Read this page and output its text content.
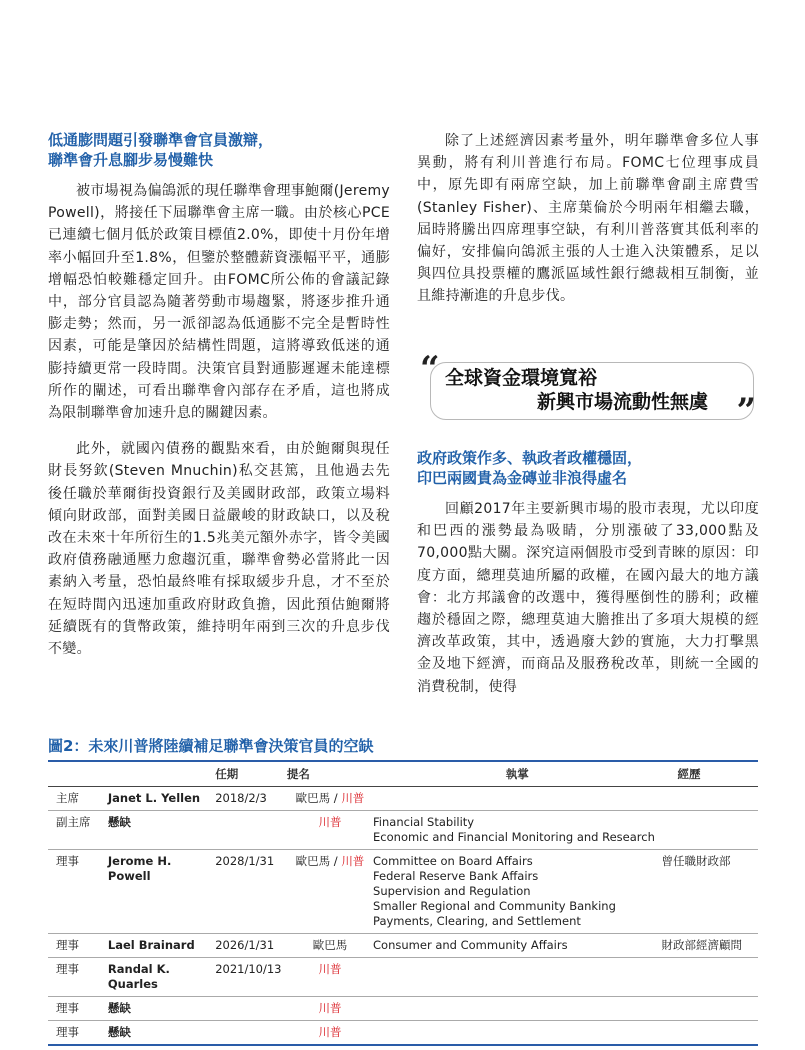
低通膨問題引發聯準會官員激辯，
聯準會升息腳步易慢難快

被市場視為偏鴿派的現任聯準會理事鮑爾(Jeremy Powell)，將接任下屆聯準會主席一職。由於核心PCE已連續七個月低於政策目標值2.0%，即使十月份年增率小幅回升至1.8%，但鑒於整體薪資漲幅平平，通膨增幅恐怕較難穩定回升。由FOMC所公佈的會議記錄中，部分官員認為隨著勞動市場趨緊，將逐步推升通膨走勢；然而，另一派卻認為低通膨不完全是暫時性因素，可能是肇因於結構性問題，這將導致低迷的通膨持續更常一段時間。決策官員對通膨遲遲未能達標所作的闡述，可看出聯準會內部存在矛盾，這也將成為限制聯準會加速升息的關鍵因素。

此外，就國內債務的觀點來看，由於鮑爾與現任財長努欽(Steven Mnuchin)私交甚篤，且他過去先後任職於華爾街投資銀行及美國財政部，政策立場料傾向財政部，面對美國日益嚴峻的財政缺口，以及稅改在未來十年所衍生的1.5兆美元額外赤字，皆令美國政府債務融通壓力愈趨沉重，聯準會勢必當將此一因素納入考量，恐怕最終唯有採取緩步升息，才不至於在短時間內迅速加重政府財政負擔，因此預估鮑爾將延續既有的貨幣政策，維持明年兩到三次的升息步伐不變。

除了上述經濟因素考量外，明年聯準會多位人事異動，將有利川普進行布局。FOMC七位理事成員中，原先即有兩席空缺，加上前聯準會副主席費雪(Stanley Fisher)、主席葉倫於今明兩年相繼去職，屆時將騰出四席理事空缺，有利川普落實其低利率的偏好，安排偏向鴿派主張的人士進入決策體系，足以與四位具投票權的鷹派區域性銀行總裁相互制衡，並且維持漸進的升息步伐。

“ 全球資金環境寬裕
新興市場流動性無虞 ”

政府政策作多、執政者政權穩固，
印巴兩國貴為金磚並非浪得虛名

回顧2017年主要新興市場的股市表現，尤以印度和巴西的漲勢最為吸睛，分別漲破了33,000點及70,000點大關。深究這兩個股市受到青睞的原因：印度方面，總理莫迪所屬的政權，在國內最大的地方議會：北方邦議會的改選中，獲得壓倒性的勝利；政權趨於穩固之際，總理莫迪大膽推出了多項大規模的經濟改革政策，其中，透過廢大鈔的實施，大力打擊黑金及地下經濟，而商品及服務稅改革，則統一全國的消費稅制，使得

圖2：未來川普將陸續補足聯準會決策官員的空缺

		任期	提名	執掌	經歷
主席	Janet L. Yellen	2018/2/3	歐巴馬 / 川普		
副主席	懸缺		川普	Financial Stability
Economic and Financial Monitoring and Research	

理事	Jerome H. Powell	2028/1/31	歐巴馬 / 川普	Committee on Board Affairs
Federal Reserve Bank Affairs
Supervision and Regulation
Smaller Regional and Community Banking
Payments, Clearing, and Settlement	曾任職財政部
理事	Lael Brainard	2026/1/31	歐巴馬	Consumer and Community Affairs	財政部經濟顧問
理事	Randal K. Quarles	2021/10/13	川普		
理事	懸缺		川普		
理事	懸缺		川普		
